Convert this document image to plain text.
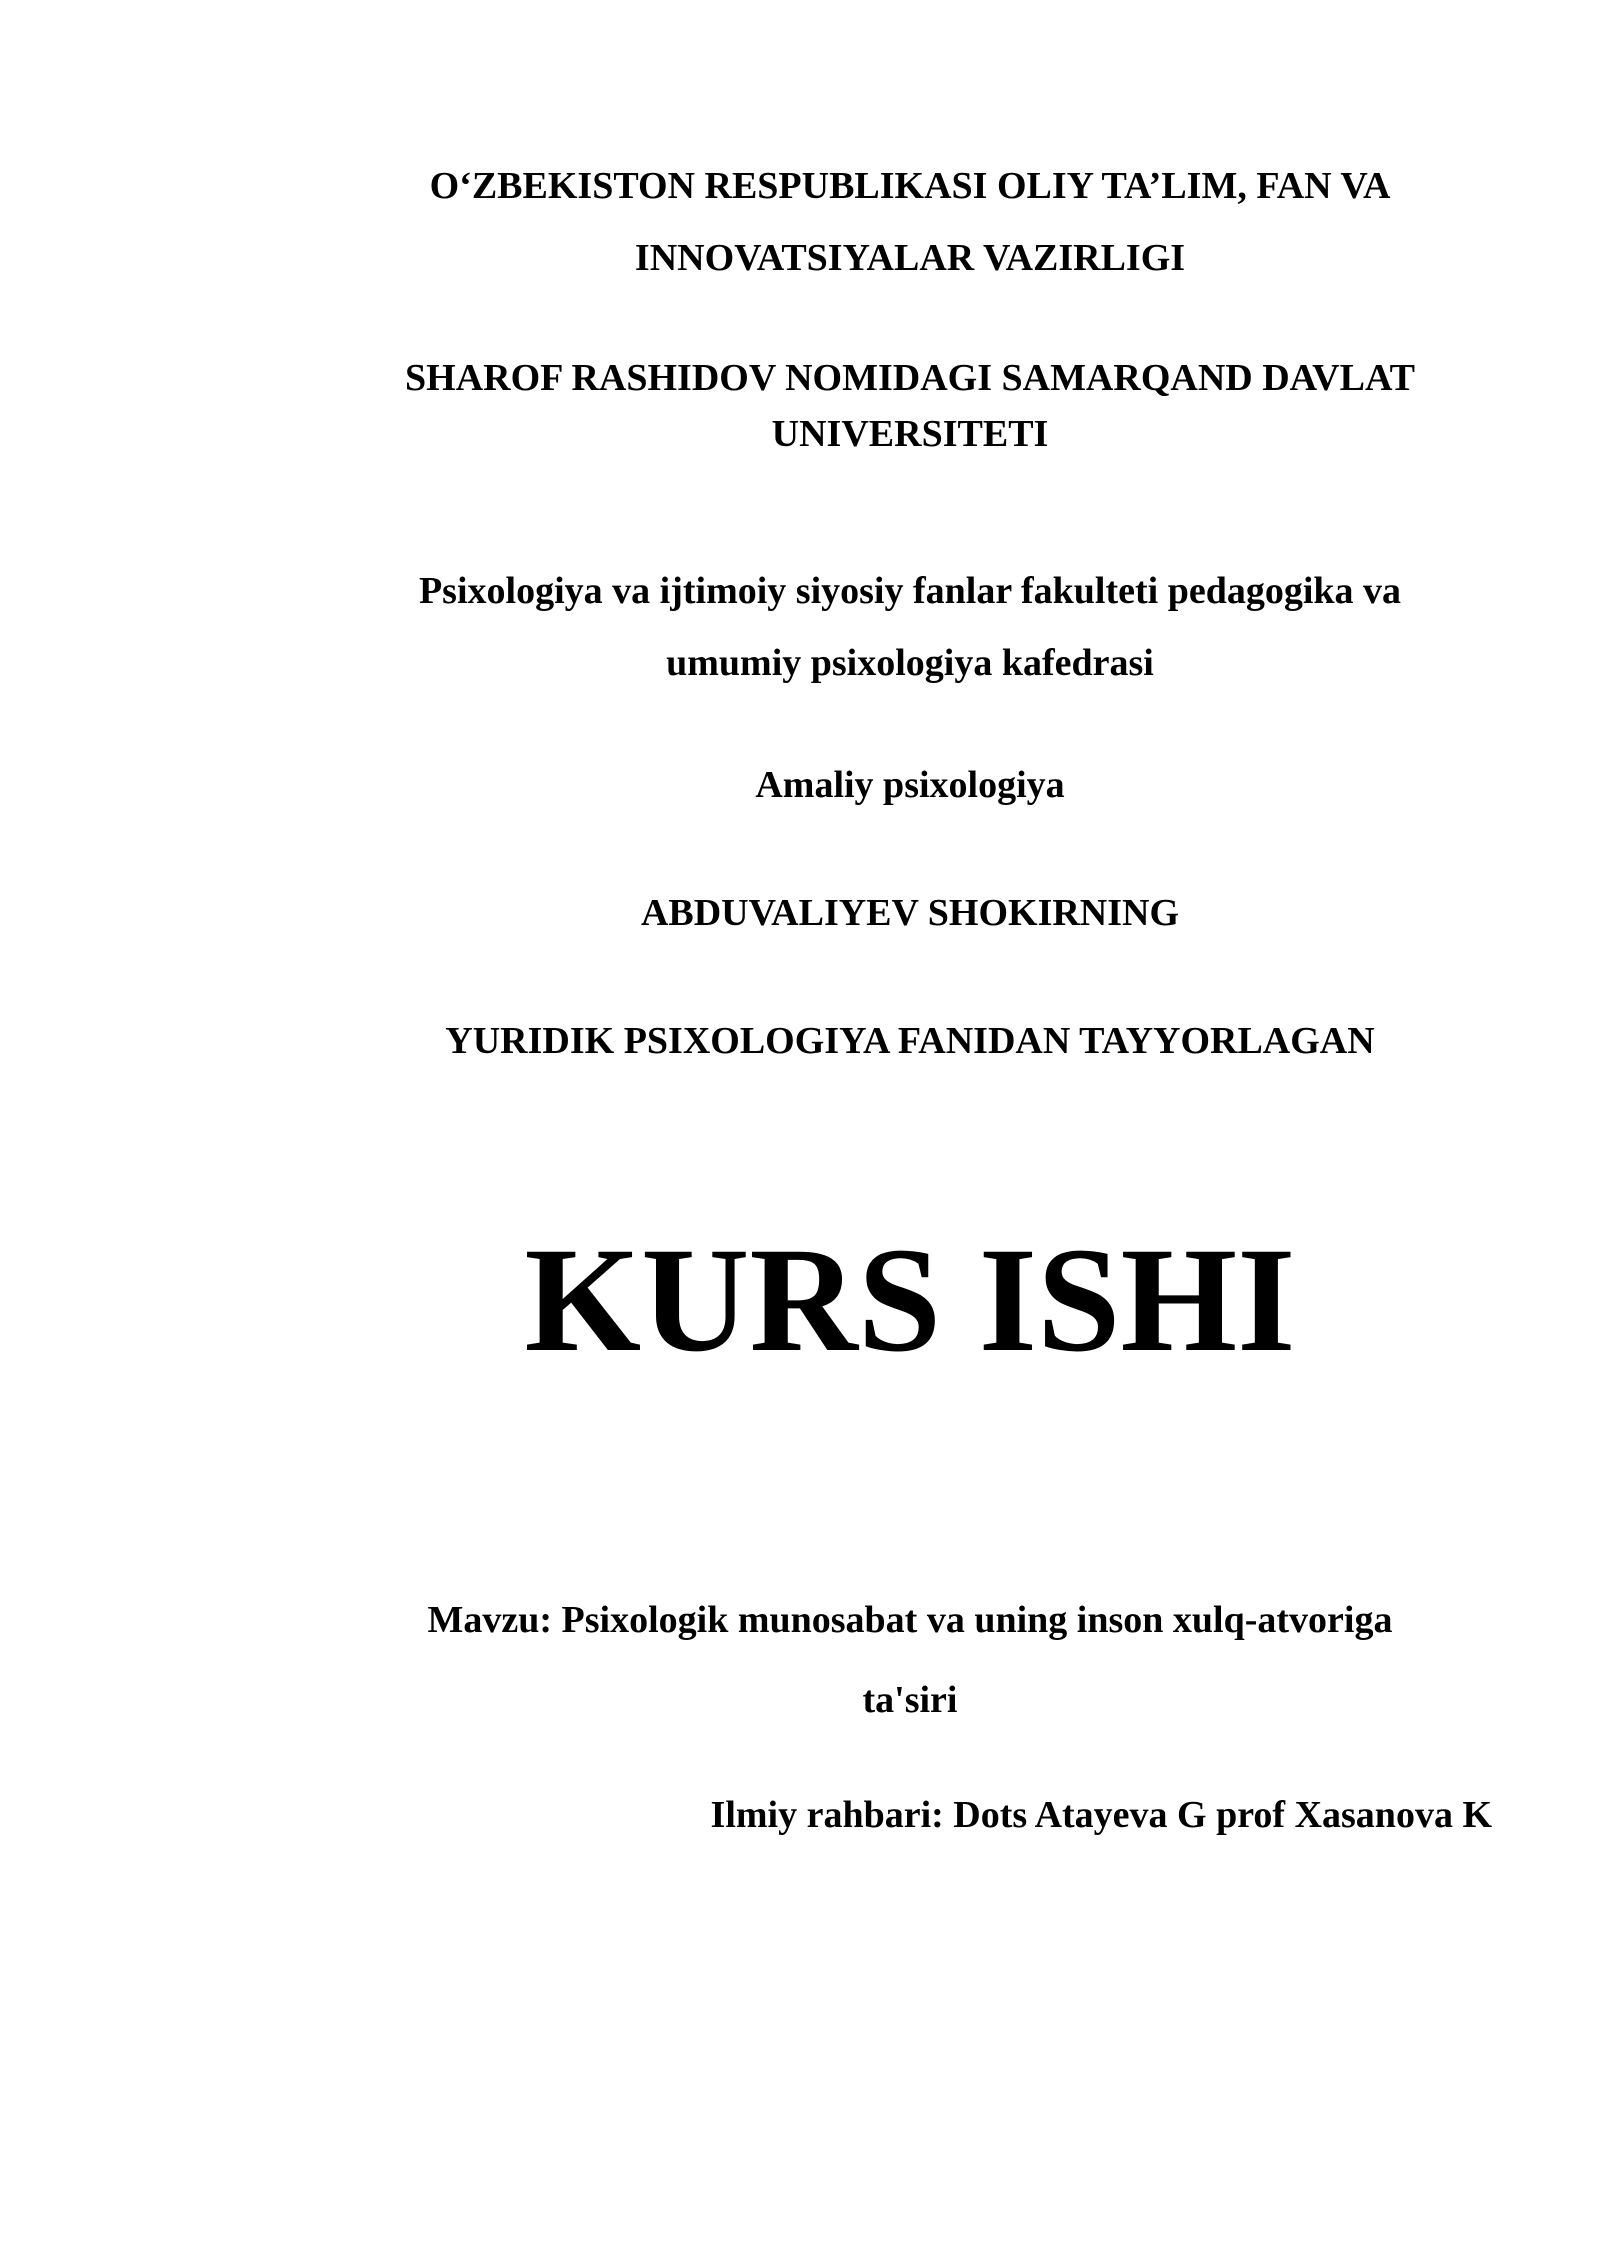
O‘ZBEKISTON RESPUBLIKASI OLIY TA’LIM, FAN VA
INNOVATSIYALAR VAZIRLIGI
SHAROF RASHIDOV NOMIDAGI SAMARQAND DAVLAT
UNIVERSITETI
Psixologiya va ijtimoiy siyosiy fanlar fakulteti pedagogika va
umumiy psixologiya kafedrasi
Amaliy psixologiya
ABDUVALIYEV SHOKIRNING
YURIDIK PSIXOLOGIYA FANIDAN TAYYORLAGAN
KURS ISHI
Mavzu: Psixologik munosabat va uning inson xulq-atvoriga
ta'siri
Ilmiy rahbari: Dots Atayeva G prof Xasanova K
